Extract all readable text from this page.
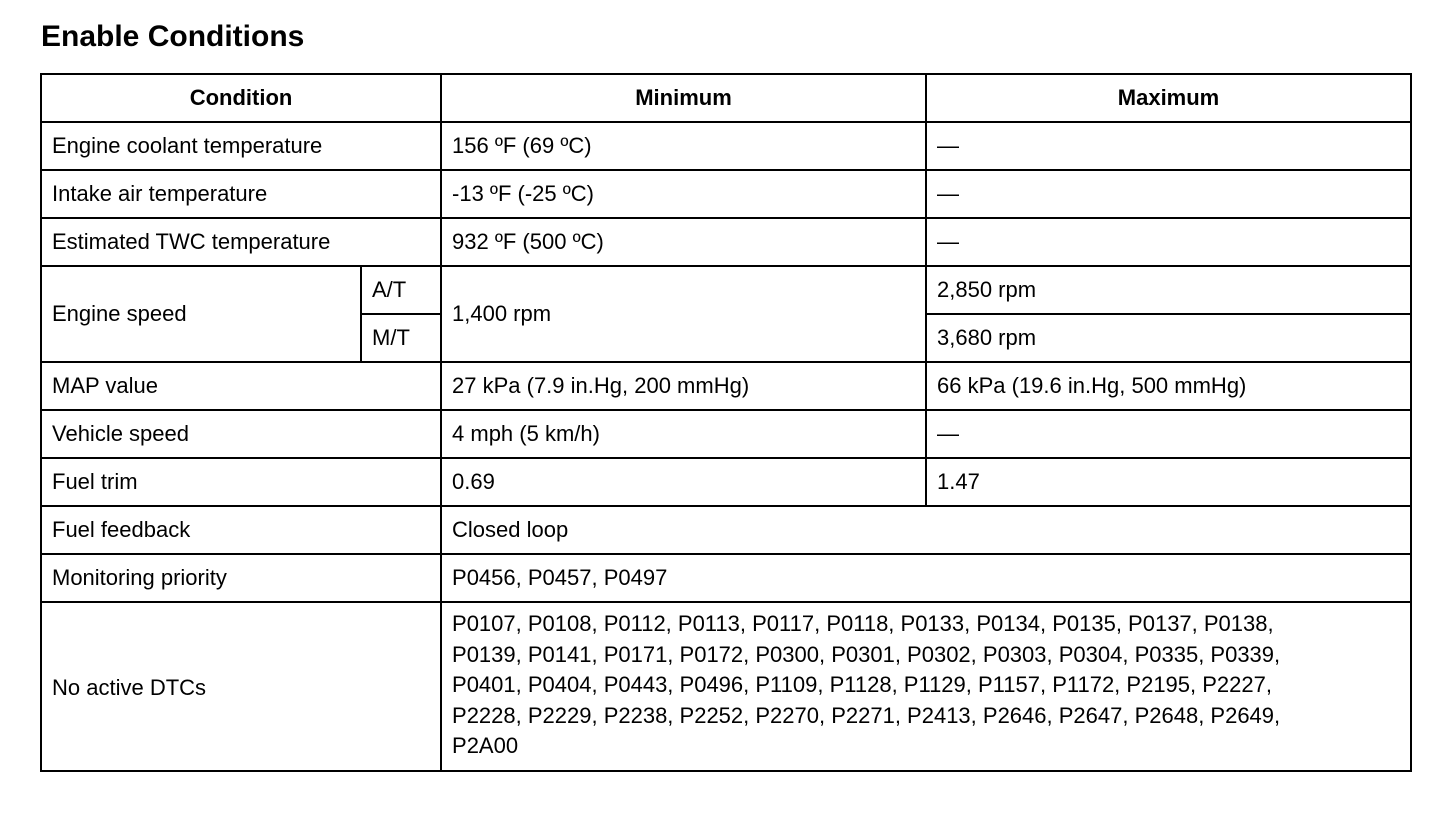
Enable Conditions
Condition		Minimum	Maximum
Engine coolant temperature		156 ºF (69 ºC)	—
Intake air temperature		-13 ºF (-25 ºC)	—
Estimated TWC temperature		932 ºF (500 ºC)	—
Engine speed	A/T	1,400 rpm	2,850 rpm
	M/T		3,680 rpm
MAP value		27 kPa (7.9 in.Hg, 200 mmHg)	66 kPa (19.6 in.Hg, 500 mmHg)
Vehicle speed		4 mph (5 km/h)	—
Fuel trim		0.69	1.47
Fuel feedback		Closed loop	
Monitoring priority		P0456, P0457, P0497	
No active DTCs		P0107, P0108, P0112, P0113, P0117, P0118, P0133, P0134, P0135, P0137, P0138,
P0139, P0141, P0171, P0172, P0300, P0301, P0302, P0303, P0304, P0335, P0339,
P0401, P0404, P0443, P0496, P1109, P1128, P1129, P1157, P1172, P2195, P2227,
P2228, P2229, P2238, P2252, P2270, P2271, P2413, P2646, P2647, P2648, P2649,
P2A00	
